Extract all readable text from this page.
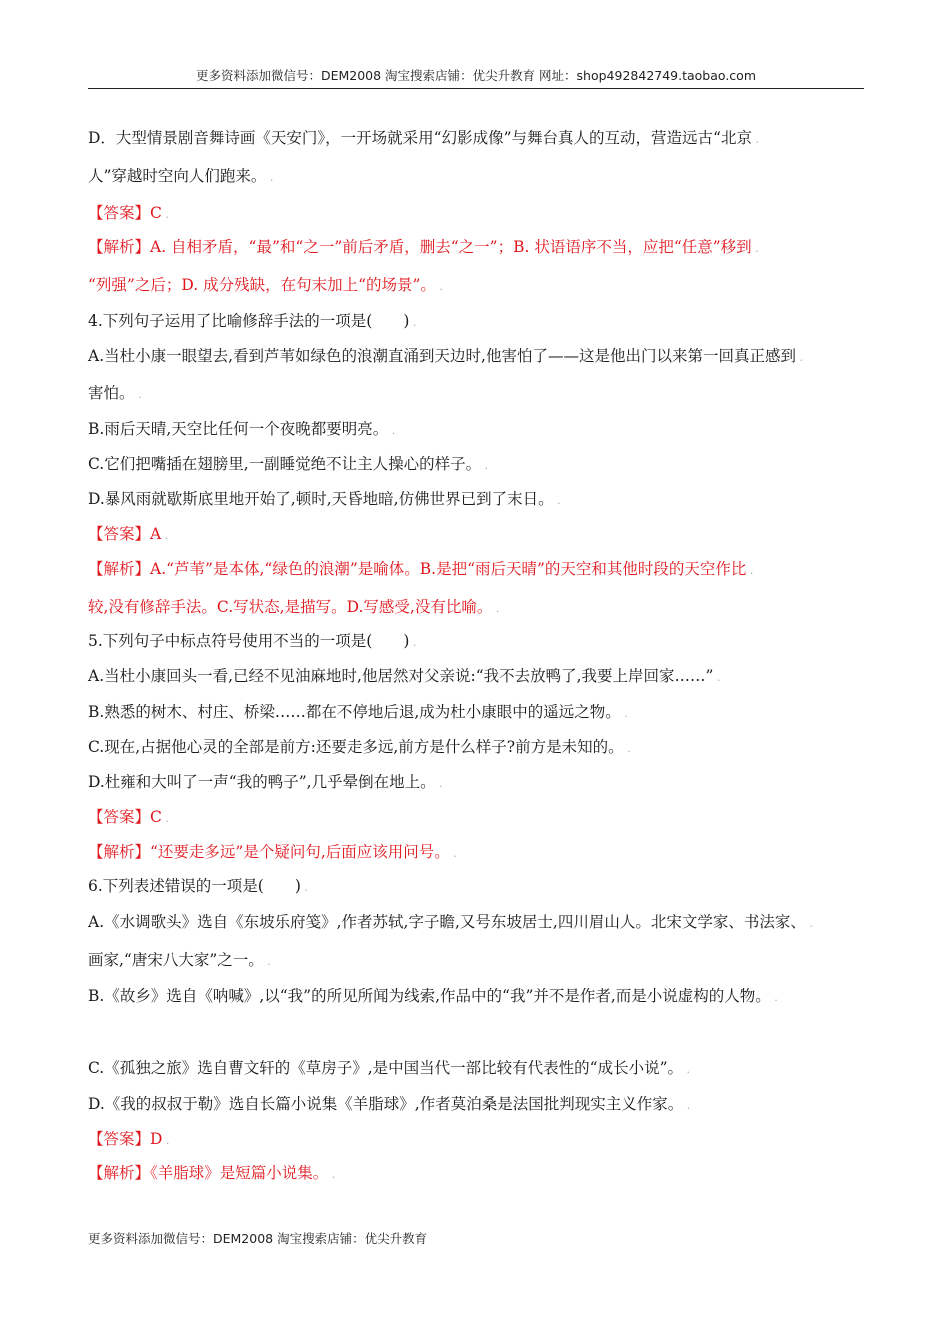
更多资料添加微信号：DEM2008 淘宝搜索店铺：优尖升教育 网址：shop492842749.taobao.com
D．大型情景剧音舞诗画《天安门》，一开场就采用“幻影成像”与舞台真人的互动，营造远古“北京 .
人”穿越时空向人们跑来。 .
【答案】C .
【解析】A. 自相矛盾，“最”和“之一”前后矛盾，删去“之一”；B. 状语语序不当，应把“任意”移到 .
“列强”之后；D. 成分残缺，在句末加上“的场景”。 .
4.下列句子运用了比喻修辞手法的一项是(　　) .
A.当杜小康一眼望去,看到芦苇如绿色的浪潮直涌到天边时,他害怕了——这是他出门以来第一回真正感到 .
害怕。 .
B.雨后天晴,天空比任何一个夜晚都要明亮。 .
C.它们把嘴插在翅膀里,一副睡觉绝不让主人操心的样子。 .
D.暴风雨就歇斯底里地开始了,顿时,天昏地暗,仿佛世界已到了末日。 .
【答案】A .
【解析】A.“芦苇”是本体,“绿色的浪潮”是喻体。B.是把“雨后天晴”的天空和其他时段的天空作比 .
较,没有修辞手法。C.写状态,是描写。D.写感受,没有比喻。 .
5.下列句子中标点符号使用不当的一项是(　　) .
A.当杜小康回头一看,已经不见油麻地时,他居然对父亲说:“我不去放鸭了,我要上岸回家……” .
B.熟悉的树木、村庄、桥梁……都在不停地后退,成为杜小康眼中的遥远之物。 .
C.现在,占据他心灵的全部是前方:还要走多远,前方是什么样子?前方是未知的。 .
D.杜雍和大叫了一声“我的鸭子”,几乎晕倒在地上。 .
【答案】C .
【解析】“还要走多远”是个疑问句,后面应该用问号。 .
6.下列表述错误的一项是(　　) .
A.《水调歌头》选自《东坡乐府笺》,作者苏轼,字子瞻,又号东坡居士,四川眉山人。北宋文学家、书法家、 .
画家,“唐宋八大家”之一。 .
B.《故乡》选自《呐喊》,以“我”的所见所闻为线索,作品中的“我”并不是作者,而是小说虚构的人物。 .
C.《孤独之旅》选自曹文轩的《草房子》,是中国当代一部比较有代表性的“成长小说”。 .
D.《我的叔叔于勒》选自长篇小说集《羊脂球》,作者莫泊桑是法国批判现实主义作家。 .
【答案】D .
【解析】《羊脂球》是短篇小说集。 .
更多资料添加微信号：DEM2008 淘宝搜索店铺：优尖升教育
